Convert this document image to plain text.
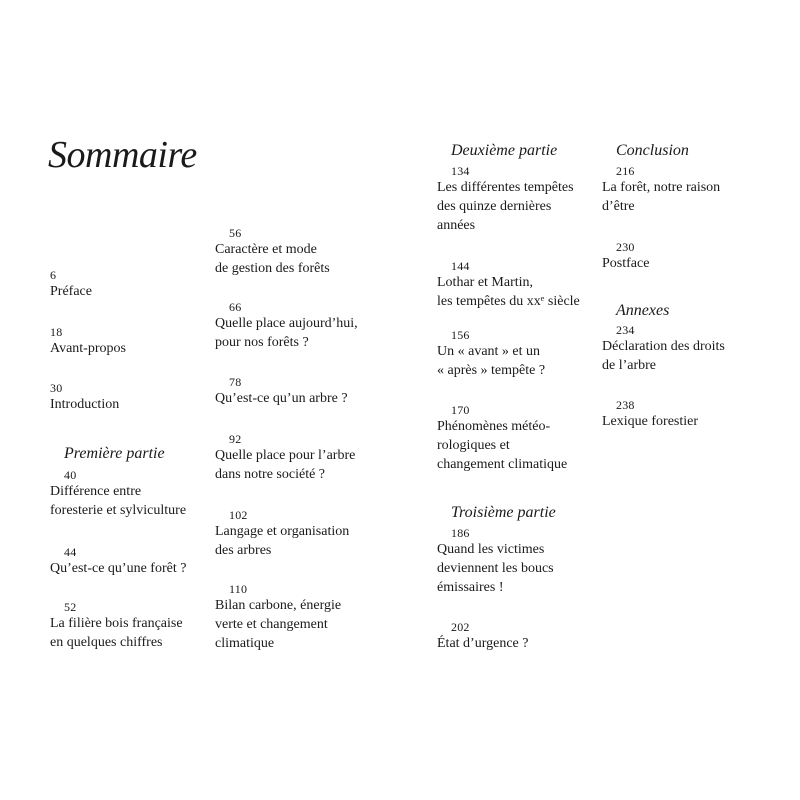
Sommaire
6
Préface
18
Avant-propos
30
Introduction
Première partie
40
Différence entre
foresterie et sylviculture
44
Qu’est-ce qu’une forêt ?
52
La filière bois française
en quelques chiffres
56
Caractère et mode
de gestion des forêts
66
Quelle place aujourd’hui,
pour nos forêts ?
78
Qu’est-ce qu’un arbre ?
92
Quelle place pour l’arbre
dans notre société ?
102
Langage et organisation
des arbres
110
Bilan carbone, énergie
verte et changement
climatique
Deuxième partie
134
Les différentes tempêtes
des quinze dernières
années
144
Lothar et Martin,
les tempêtes du xxᵉ siècle
156
Un « avant » et un
« après » tempête ?
170
Phénomènes météo-
rologiques et
changement climatique
Troisième partie
186
Quand les victimes
deviennent les boucs
émissaires !
202
État d’urgence ?
Conclusion
216
La forêt, notre raison
d’être
230
Postface
Annexes
234
Déclaration des droits
de l’arbre
238
Lexique forestier
